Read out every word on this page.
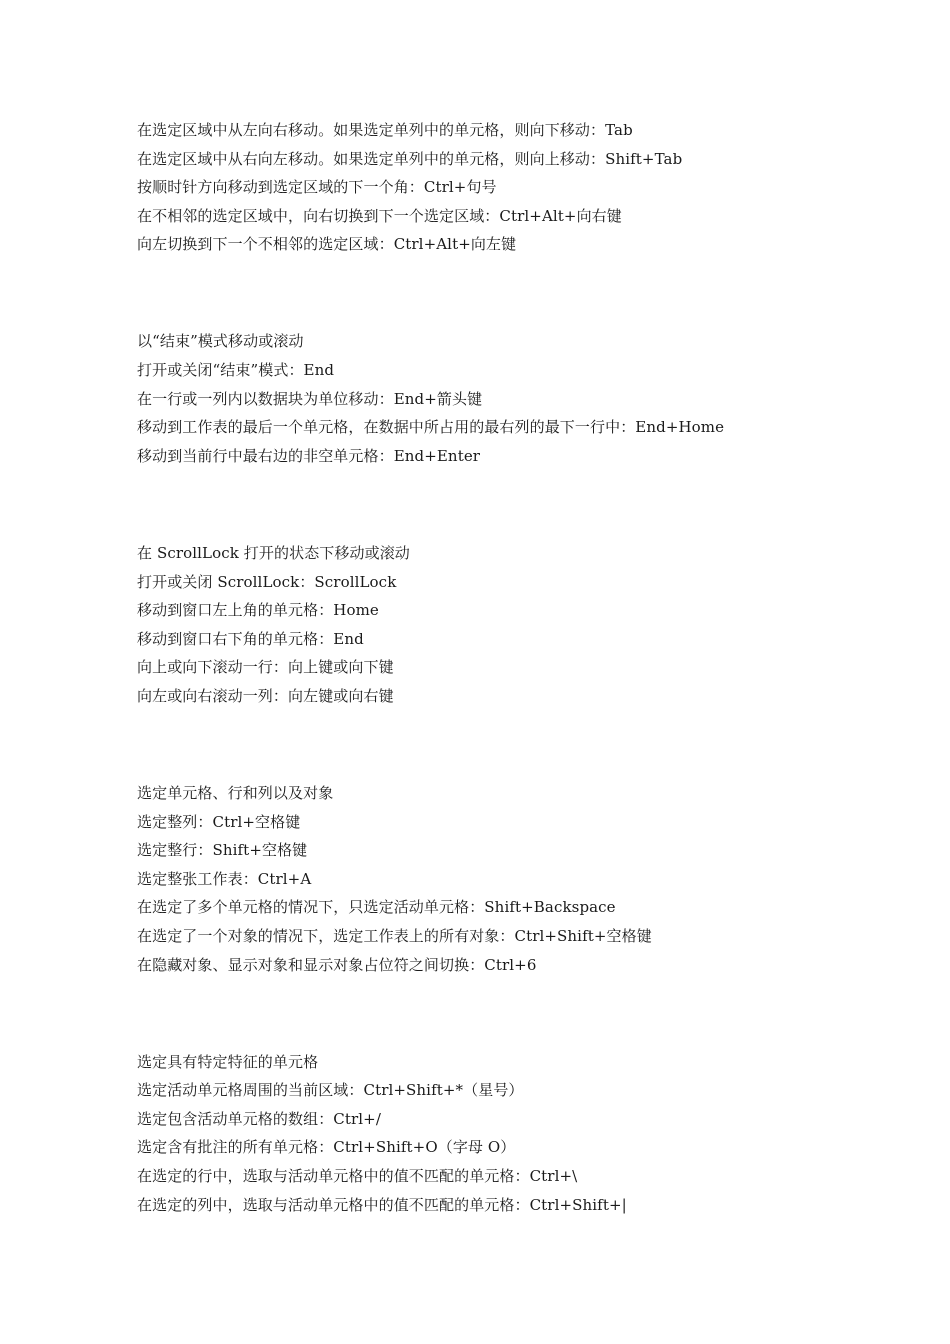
在选定区域中从左向右移动。如果选定单列中的单元格，则向下移动：Tab
在选定区域中从右向左移动。如果选定单列中的单元格，则向上移动：Shift+Tab
按顺时针方向移动到选定区域的下一个角：Ctrl+句号
在不相邻的选定区域中，向右切换到下一个选定区域：Ctrl+Alt+向右键
向左切换到下一个不相邻的选定区域：Ctrl+Alt+向左键
以“结束”模式移动或滚动
打开或关闭“结束”模式：End
在一行或一列内以数据块为单位移动：End+箭头键
移动到工作表的最后一个单元格，在数据中所占用的最右列的最下一行中：End+Home
移动到当前行中最右边的非空单元格：End+Enter
在 ScrollLock 打开的状态下移动或滚动
打开或关闭 ScrollLock：ScrollLock
移动到窗口左上角的单元格：Home
移动到窗口右下角的单元格：End
向上或向下滚动一行：向上键或向下键
向左或向右滚动一列：向左键或向右键
选定单元格、行和列以及对象
选定整列：Ctrl+空格键
选定整行：Shift+空格键
选定整张工作表：Ctrl+A
在选定了多个单元格的情况下，只选定活动单元格：Shift+Backspace
在选定了一个对象的情况下，选定工作表上的所有对象：Ctrl+Shift+空格键
在隐藏对象、显示对象和显示对象占位符之间切换：Ctrl+6
选定具有特定特征的单元格
选定活动单元格周围的当前区域：Ctrl+Shift+*（星号）
选定包含活动单元格的数组：Ctrl+/
选定含有批注的所有单元格：Ctrl+Shift+O（字母 O）
在选定的行中，选取与活动单元格中的值不匹配的单元格：Ctrl+\
在选定的列中，选取与活动单元格中的值不匹配的单元格：Ctrl+Shift+|
